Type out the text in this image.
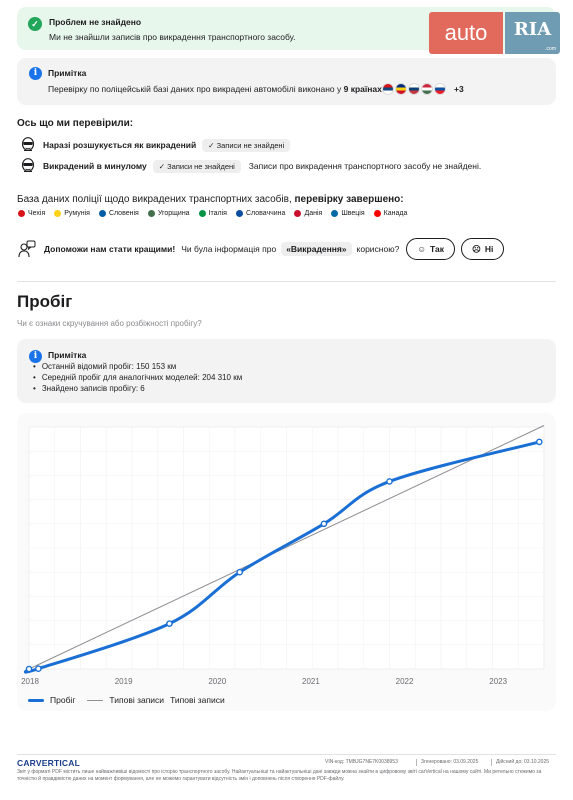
✓	Проблем не знайдено
Ми не знайшли записів про викрадення транспортного засобу.	auto	RIA
.com
i	Примітка
Перевірку по поліцейській базі даних про викрадені автомобілі виконано у 9 країнах	+3
Ось що ми перевірили:
Наразі розшукується як викрадений	✓ Записи не знайдені
Викрадений в минулому	✓ Записи не знайдені	Записи про викрадення транспортного засобу не знайдені.
База даних поліції щодо викрадених транспортних засобів, перевірку завершено:
Чехія	Румунія	Словенія	Угорщина	Італія	Словаччина	Данія	Швеція	Канада
Допоможи нам стати кращими! Чи була інформація про	«Викрадення»	корисною? ☺ Так	☹ Ні
Пробіг
Чи є ознаки скручування або розбіжності пробігу?
i	Примітка
• Останній відомий пробіг: 150 153 км
• Середній пробіг для аналогічних моделей: 204 310 км
• Знайдено записів пробігу: 6
2018	2019	2020	2021	2022	2023
Пробіг	Типові записи Типові записи
CARVERTICAL	VIN-код: TMBJG7NE7K0038953	Згенеровано: 03.09.2025	Дійсний до: 03.10.2025
Звіт у форматі PDF містить лише найважливіші відомості про історію транспортного засобу. Найактуальніші та найактуальніші дані завжди можна знайти в цифровому звіті carVertical на нашому сайті. Ми ретельно стежимо за точністю й правдивістю даних на момент формування, але не можемо гарантувати відсутність змін і доповнень після створення PDF-файлу.
